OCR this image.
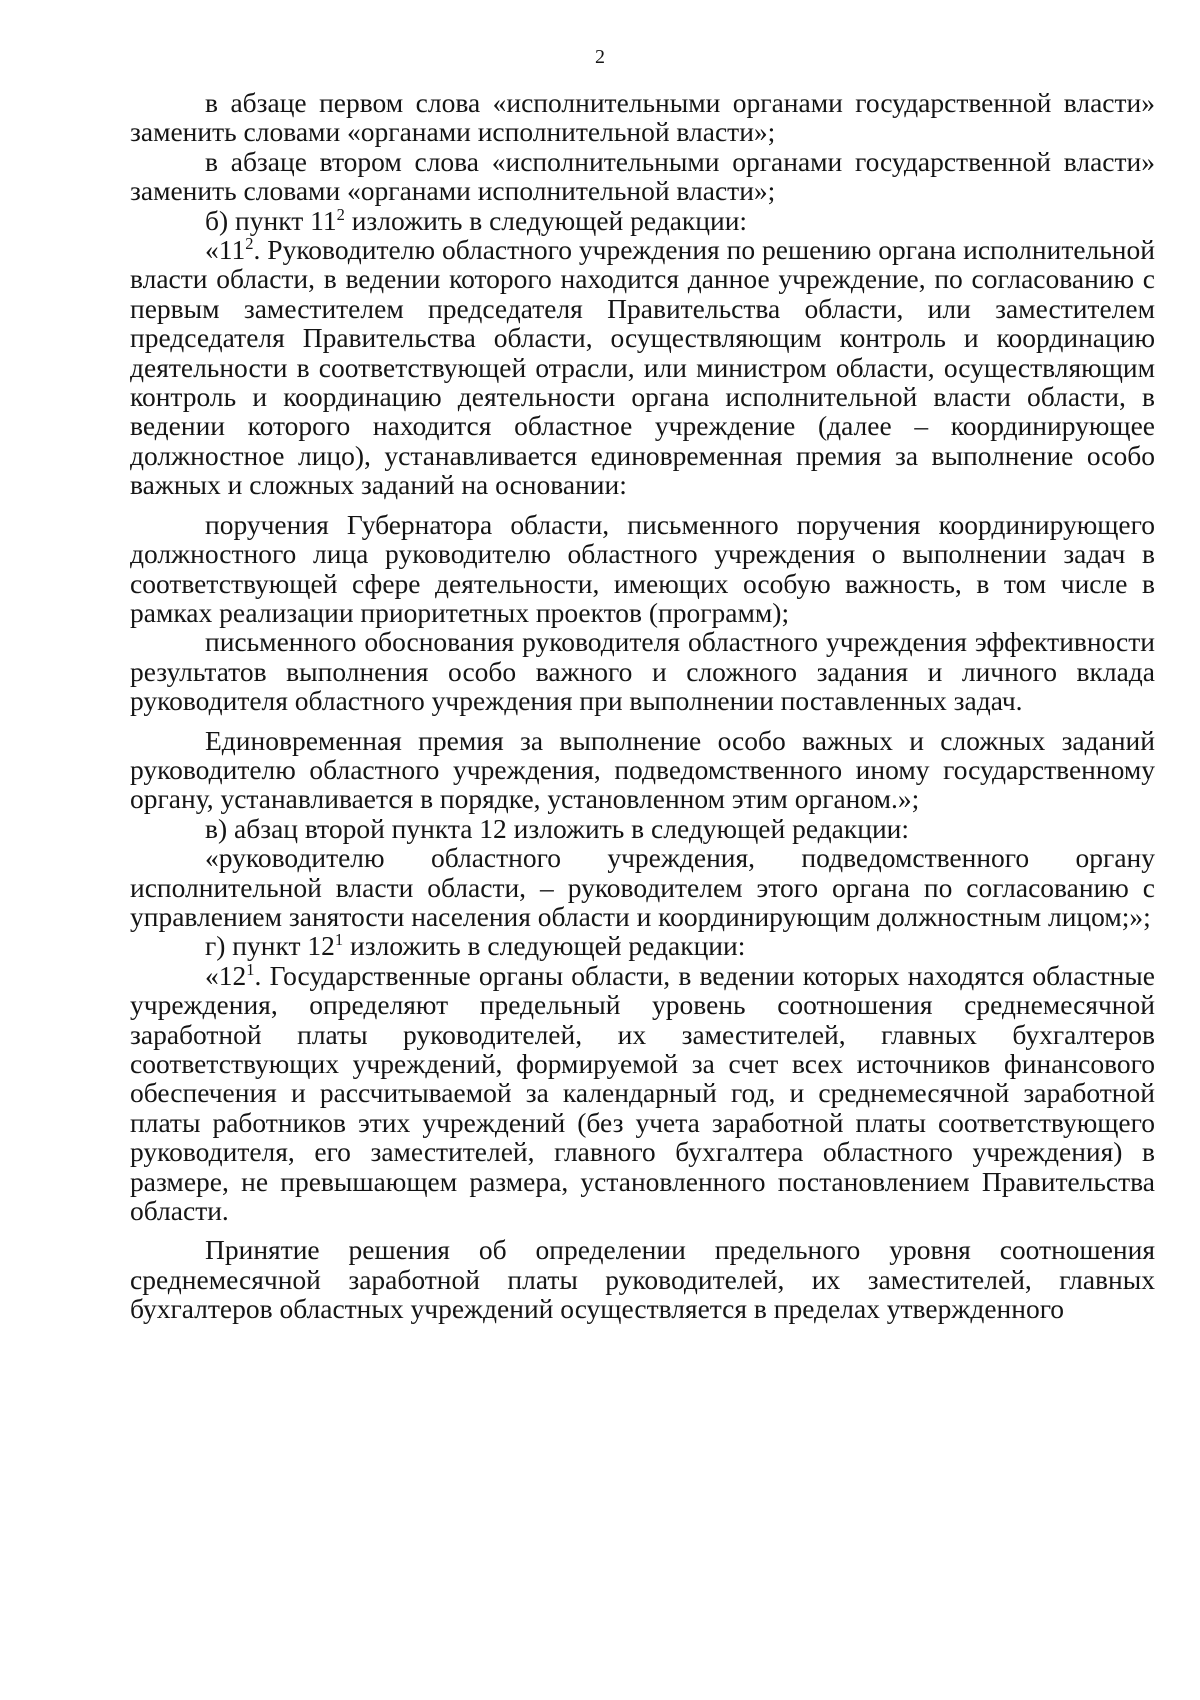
2

в абзаце первом слова «исполнительными органами государственной власти» заменить словами «органами исполнительной власти»;

в абзаце втором слова «исполнительными органами государственной власти» заменить словами «органами исполнительной власти»;

б) пункт $11^2$ изложить в следующей редакции:

«$11^2$. Руководителю областного учреждения по решению органа исполнительной власти области, в ведении которого находится данное учреждение, по согласованию с первым заместителем председателя Правительства области, или заместителем председателя Правительства области, осуществляющим контроль и координацию деятельности в соответствующей отрасли, или министром области, осуществляющим контроль и координацию деятельности органа исполнительной власти области, в ведении которого находится областное учреждение (далее – координирующее должностное лицо), устанавливается единовременная премия за выполнение особо важных и сложных заданий на основании:

поручения Губернатора области, письменного поручения координирующего должностного лица руководителю областного учреждения о выполнении задач в соответствующей сфере деятельности, имеющих особую важность, в том числе в рамках реализации приоритетных проектов (программ);

письменного обоснования руководителя областного учреждения эффективности результатов выполнения особо важного и сложного задания и личного вклада руководителя областного учреждения при выполнении поставленных задач.

Единовременная премия за выполнение особо важных и сложных заданий руководителю областного учреждения, подведомственного иному государственному органу, устанавливается в порядке, установленном этим органом.»;

в) абзац второй пункта 12 изложить в следующей редакции:

«руководителю областного учреждения, подведомственного органу исполнительной власти области, – руководителем этого органа по согласованию с управлением занятости населения области и координирующим должностным лицом;»;

г) пункт $12^1$ изложить в следующей редакции:

«$12^1$. Государственные органы области, в ведении которых находятся областные учреждения, определяют предельный уровень соотношения среднемесячной заработной платы руководителей, их заместителей, главных бухгалтеров соответствующих учреждений, формируемой за счет всех источников финансового обеспечения и рассчитываемой за календарный год, и среднемесячной заработной платы работников этих учреждений (без учета заработной платы соответствующего руководителя, его заместителей, главного бухгалтера областного учреждения) в размере, не превышающем размера, установленного постановлением Правительства области.

Принятие решения об определении предельного уровня соотношения среднемесячной заработной платы руководителей, их заместителей, главных бухгалтеров областных учреждений осуществляется в пределах утвержденного
